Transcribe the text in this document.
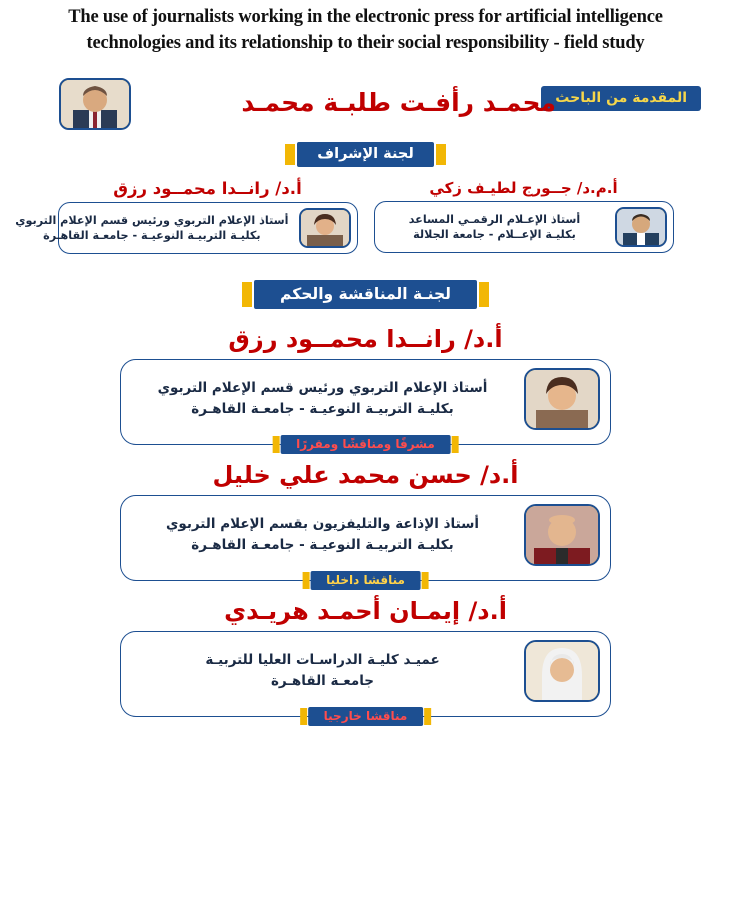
The use of journalists working in the electronic press for artificial intelligence
technologies and its relationship to their social responsibility - field study
المقدمة من الباحث
محمـد رأفـت طلبـة محمـد
لجنة الإشراف
أ.م.د/ جــورج لطيـف زكي
أستاذ الإعـلام الرقمـي المساعد
بكليـة الإعــلام - جامعة الجلالة
أ.د/ رانــدا محمــود رزق
أستاذ الإعلام التربوي ورئيس قسم الإعلام التربوي
بكليـة التربيـة النوعيـة - جامعـة القاهـرة
لجنـة المناقشة والحكم
أ.د/ رانــدا محمــود رزق
أستاذ الإعلام التربوي ورئيس قسم الإعلام التربوي
بكليـة التربيـة النوعيـة - جامعـة القاهـرة
مشرفًا ومناقشًا ومقررًا
أ.د/ حسن محمد علي خليل
أستاذ الإذاعة والتليفزيون بقسم الإعلام التربوي
بكليـة التربيـة النوعيـة - جامعـة القاهـرة
مناقشا داخليا
أ.د/ إيمـان أحمـد هريـدي
عميـد كليـة الدراسـات العليا للتربيـة
جامعـة القاهـرة
مناقشا خارجيا
